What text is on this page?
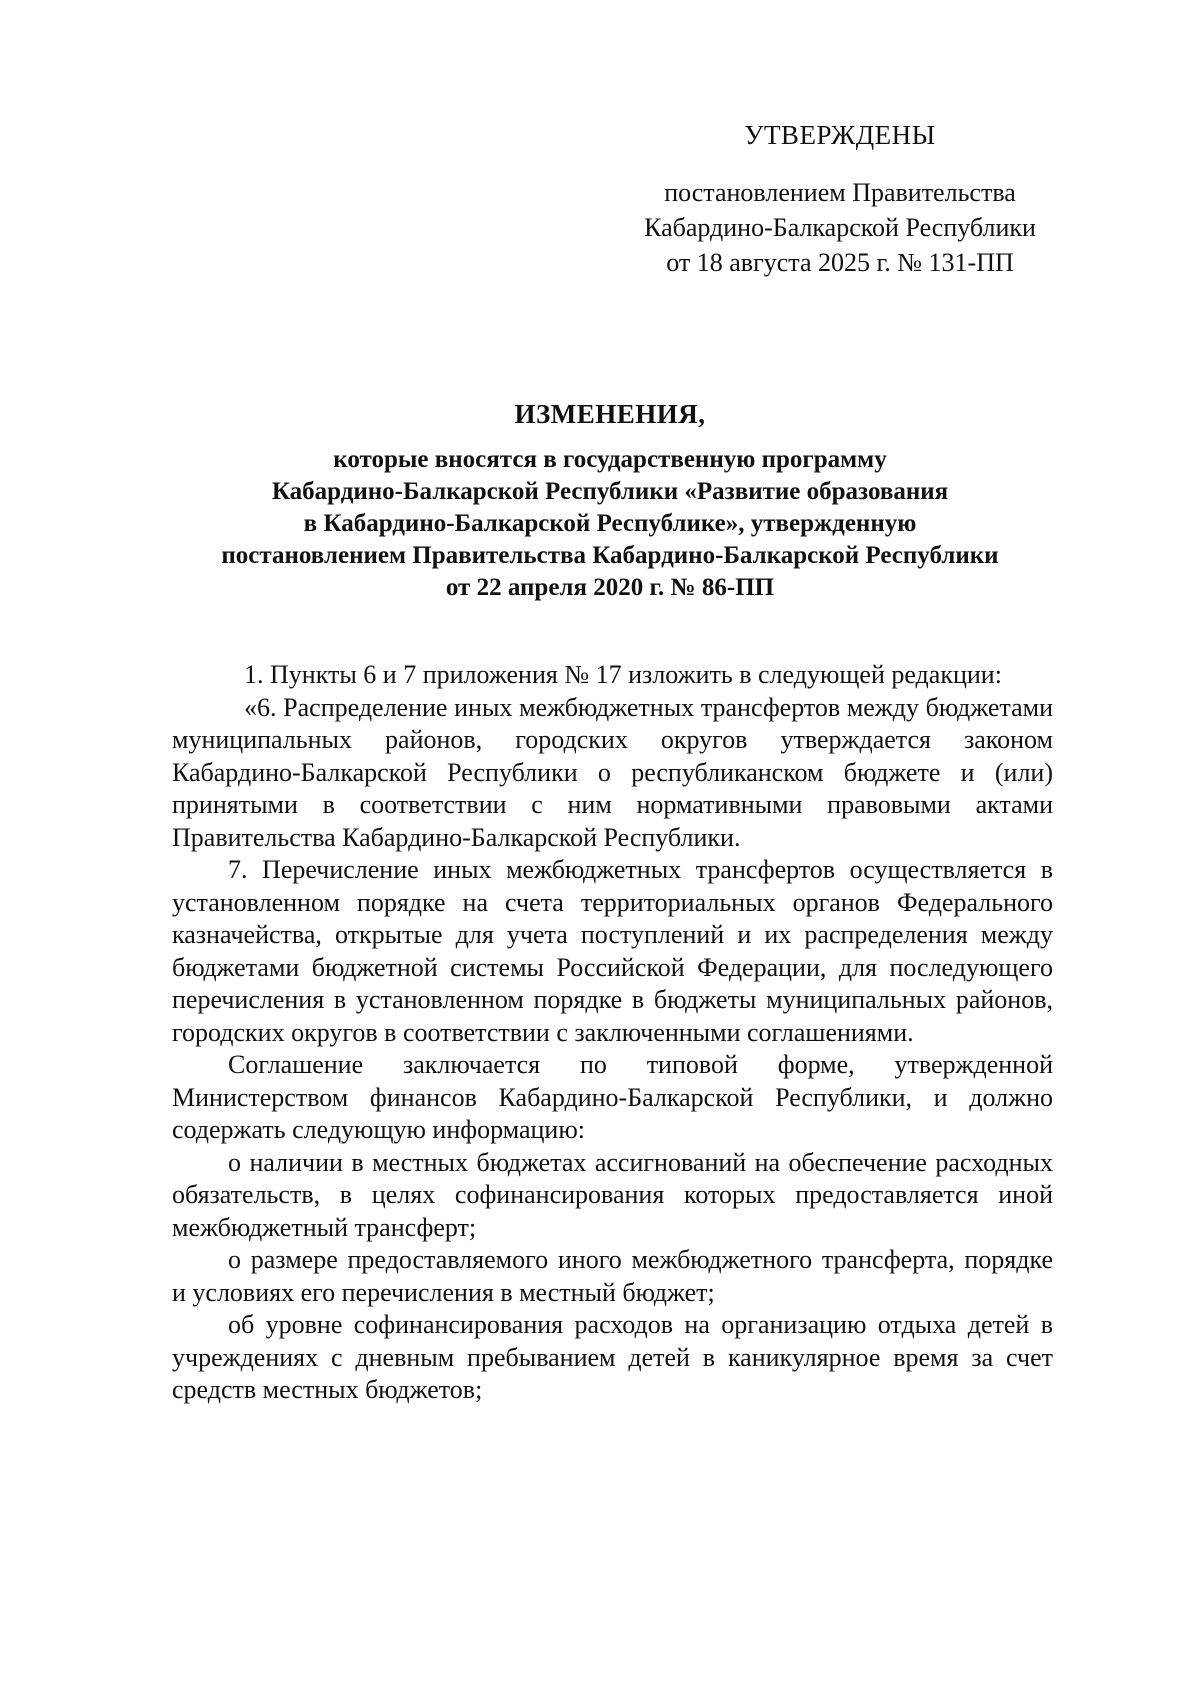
УТВЕРЖДЕНЫ
постановлением Правительства
Кабардино-Балкарской Республики
от 18 августа 2025 г. № 131-ПП
ИЗМЕНЕНИЯ,
которые вносятся в государственную программу
Кабардино-Балкарской Республики «Развитие образования
в Кабардино-Балкарской Республике», утвержденную
постановлением Правительства Кабардино-Балкарской Республики
от 22 апреля 2020 г. № 86-ПП

1. Пункты 6 и 7 приложения № 17 изложить в следующей редакции:

«6. Распределение иных межбюджетных трансфертов между бюджетами муниципальных районов, городских округов утверждается законом Кабардино-Балкарской Республики о республиканском бюджете и (или) принятыми в соответствии с ним нормативными правовыми актами Правительства Кабардино-Балкарской Республики.

7. Перечисление иных межбюджетных трансфертов осуществляется в установленном порядке на счета территориальных органов Федерального казначейства, открытые для учета поступлений и их распределения между бюджетами бюджетной системы Российской Федерации, для последующего перечисления в установленном порядке в бюджеты муниципальных районов, городских округов в соответствии с заключенными соглашениями.

Соглашение заключается по типовой форме, утвержденной Министерством финансов Кабардино-Балкарской Республики, и должно содержать следующую информацию:

о наличии в местных бюджетах ассигнований на обеспечение расходных обязательств, в целях софинансирования которых предоставляется иной межбюджетный трансферт;

о размере предоставляемого иного межбюджетного трансферта, порядке и условиях его перечисления в местный бюджет;

об уровне софинансирования расходов на организацию отдыха детей в учреждениях с дневным пребыванием детей в каникулярное время за счет средств местных бюджетов;
